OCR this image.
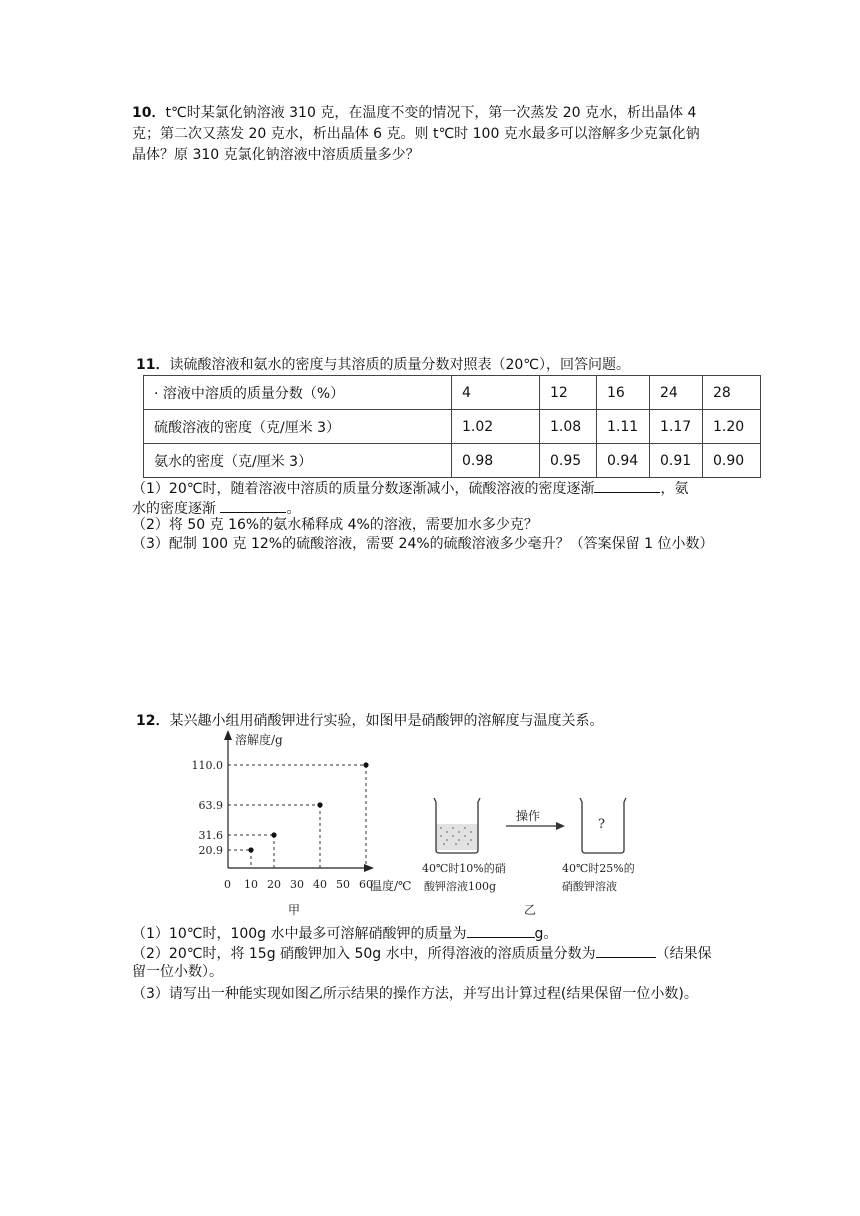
10．t℃时某氯化钠溶液 310 克，在温度不变的情况下，第一次蒸发 20 克水，析出晶体 4
克；第二次又蒸发 20 克水，析出晶体 6 克。则 t℃时 100 克水最多可以溶解多少克氯化钠
晶体？原 310 克氯化钠溶液中溶质质量多少？
11．读硫酸溶液和氨水的密度与其溶质的质量分数对照表（20℃），回答问题。
· 溶液中溶质的质量分数（%）	4	12	16	24	28
硫酸溶液的密度（克/厘米 3）	1.02	1.08	1.11	1.17	1.20
氨水的密度（克/厘米 3）	0.98	0.95	0.94	0.91	0.90
（1）20℃时，随着溶液中溶质的质量分数逐渐减小，硫酸溶液的密度逐渐	，氨
水的密度逐渐	。
（2）将 50 克 16%的氨水稀释成 4%的溶液，需要加水多少克？
（3）配制 100 克 12%的硫酸溶液，需要 24%的硫酸溶液多少毫升？（答案保留 1 位小数）
12．某兴趣小组用硝酸钾进行实验，如图甲是硝酸钾的溶解度与温度关系。
110.0
63.9
31.6
20.9
10 20 30 40 50 60
溶解度/g
温度/℃
0
甲
操作
?
40℃时10%的硝
酸钾溶液100g
40℃时25%的
硝酸钾溶液
乙
（1）10℃时，100g 水中最多可溶解硝酸钾的质量为	g。
（2）20℃时，将 15g 硝酸钾加入 50g 水中，所得溶液的溶质质量分数为	（结果保
留一位小数）。
（3）请写出一种能实现如图乙所示结果的操作方法，并写出计算过程(结果保留一位小数)。
